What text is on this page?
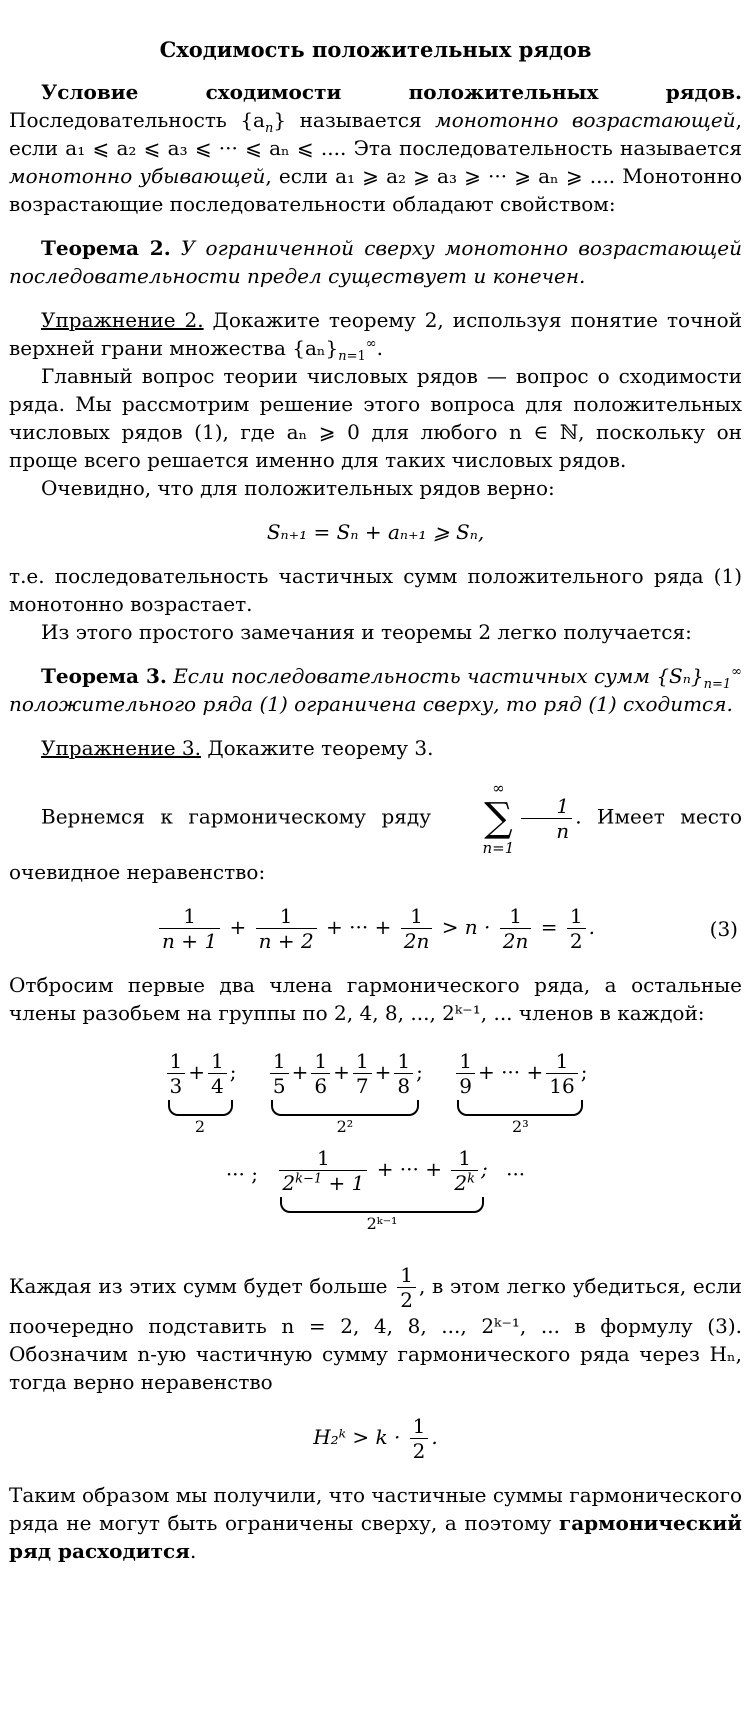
Сходимость положительных рядов

Условие сходимости положительных рядов. Последовательность $\{a_n\}$ называется монотонно возрастающей, если a₁ ⩽ a₂ ⩽ a₃ ⩽ ··· ⩽ aₙ ⩽ .... Эта последовательность называется монотонно убывающей, если a₁ ⩾ a₂ ⩾ a₃ ⩾ ··· ⩾ aₙ ⩾ .... Монотонно возрастающие последовательности обладают свойством:

Теорема 2. У ограниченной сверху монотонно возрастающей последовательности предел существует и конечен.

Упражнение 2. Докажите теорему 2, используя понятие точной верхней грани множества $\{a_n\}_{n=1}^\infty$.

Главный вопрос теории числовых рядов — вопрос о сходимости ряда. Мы рассмотрим решение этого вопроса для положительных числовых рядов (1), где aₙ ⩾ 0 для любого n ∈ ℕ, поскольку он проще всего решается именно для таких числовых рядов.

Очевидно, что для положительных рядов верно:

Sₙ₊₁ = Sₙ + aₙ₊₁ ⩾ Sₙ,

т.е. последовательность частичных сумм положительного ряда (1) монотонно возрастает.

Из этого простого замечания и теоремы 2 легко получается:

Теорема 3. Если последовательность частичных сумм $\{S_n\}_{n=1}^\infty$ положительного ряда (1) ограничена сверху, то ряд (1) сходится.

Упражнение 3. Докажите теорему 3.

Вернемся к гармоническому ряду
∞
∑
n=1
$\frac{1}{n}$ . Имеет место очевидное неравенство:

$\frac{1}{n + 1} + \frac{1}{n + 2}$ + ··· + $\frac{1}{2n} > n \cdot \frac{1}{2n} = \frac{1}{2}$ .	(3)

Отбросим первые два члена гармонического ряда, а остальные члены разобьем на группы по 2, 4, 8, ..., 2ᵏ⁻¹, ... членов в каждой:

$\frac{1}{3} + \frac{1}{4}$ ;
2

$\frac{1}{5} + \frac{1}{6} + \frac{1}{7} + \frac{1}{8}$ ;
2²

$\frac{1}{9}$ + ··· + $\frac{1}{16}$ ;
2³
··· ; $\frac{1}{2^{k-1} + 1}$ + ··· + $\frac{1}{2^k}$ ;
2ᵏ⁻¹
···

Каждая из этих сумм будет больше $\frac{1}{2}$ , в этом легко убедиться, если поочередно подставить n = 2, 4, 8, ..., 2ᵏ⁻¹, ... в формулу (3). Обозначим n-ую частичную сумму гармонического ряда через Hₙ, тогда верно неравенство

H₂ᵏ > $k \cdot \frac{1}{2}$ .

Таким образом мы получили, что частичные суммы гармонического ряда не могут быть ограничены сверху, а поэтому гармонический ряд расходится.
